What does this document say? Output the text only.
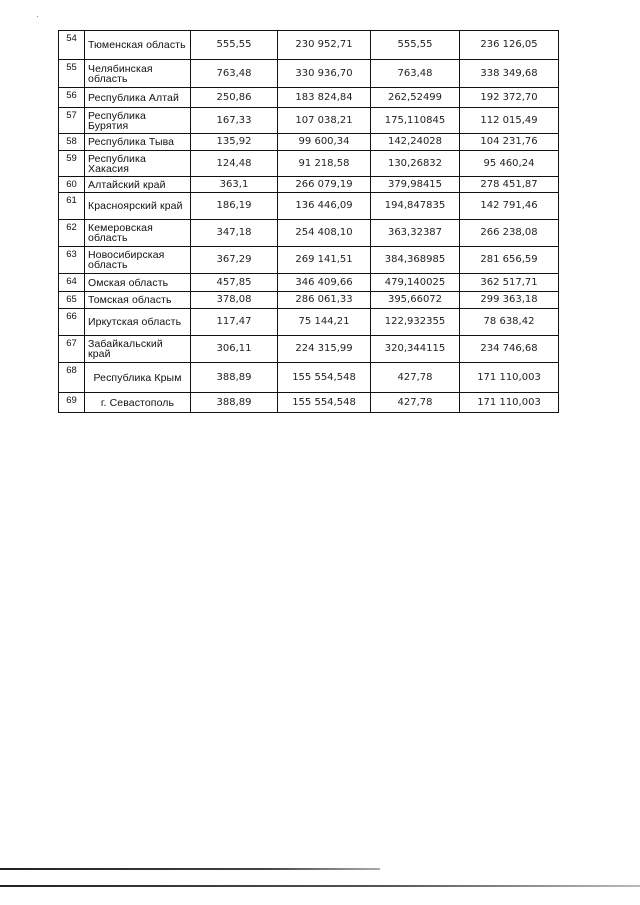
·
54	Тюменская область	555,55	230 952,71	555,55	236 126,05
55	Челябинская область	763,48	330 936,70	763,48	338 349,68
56	Республика Алтай	250,86	183 824,84	262,52499	192 372,70
57	Республика Бурятия	167,33	107 038,21	175,110845	112 015,49
58	Республика Тыва	135,92	99 600,34	142,24028	104 231,76
59	Республика Хакасия	124,48	91 218,58	130,26832	95 460,24
60	Алтайский край	363,1	266 079,19	379,98415	278 451,87
61	Красноярский край	186,19	136 446,09	194,847835	142 791,46
62	Кемеровская область	347,18	254 408,10	363,32387	266 238,08
63	Новосибирская область	367,29	269 141,51	384,368985	281 656,59
64	Омская область	457,85	346 409,66	479,140025	362 517,71
65	Томская область	378,08	286 061,33	395,66072	299 363,18
66	Иркутская область	117,47	75 144,21	122,932355	78 638,42
67	Забайкальский край	306,11	224 315,99	320,344115	234 746,68
68	Республика Крым	388,89	155 554,548	427,78	171 110,003
69	г. Севастополь	388,89	155 554,548	427,78	171 110,003
